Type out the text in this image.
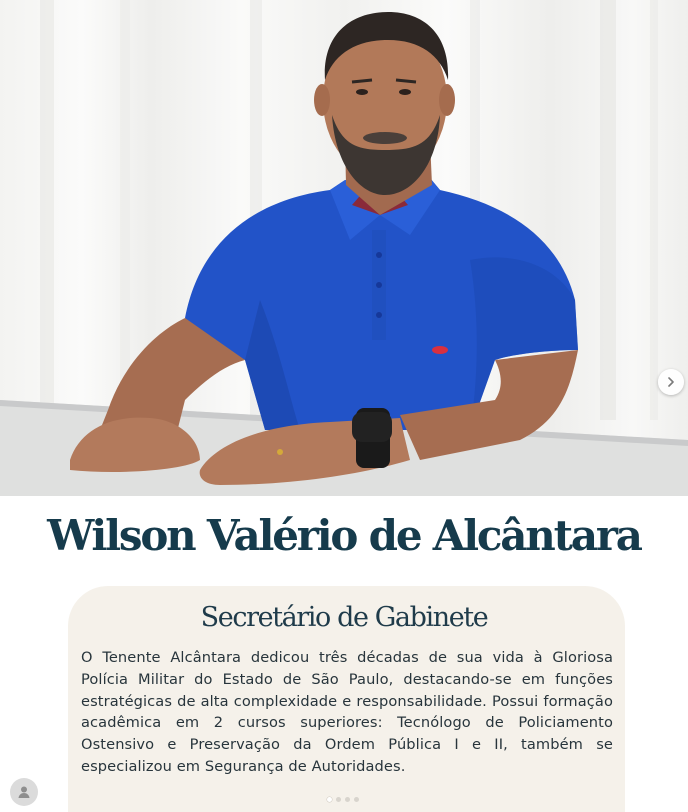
Wilson Valério de Alcântara
Secretário de Gabinete
O Tenente Alcântara dedicou três décadas de sua vida à Gloriosa Polícia Militar do Estado de São Paulo, destacando-se em funções estratégicas de alta complexidade e responsabilidade. Possui formação acadêmica em 2 cursos superiores: Tecnólogo de Policiamento Ostensivo e Preservação da Ordem Pública I e II, também se especializou em Segurança de Autoridades.
